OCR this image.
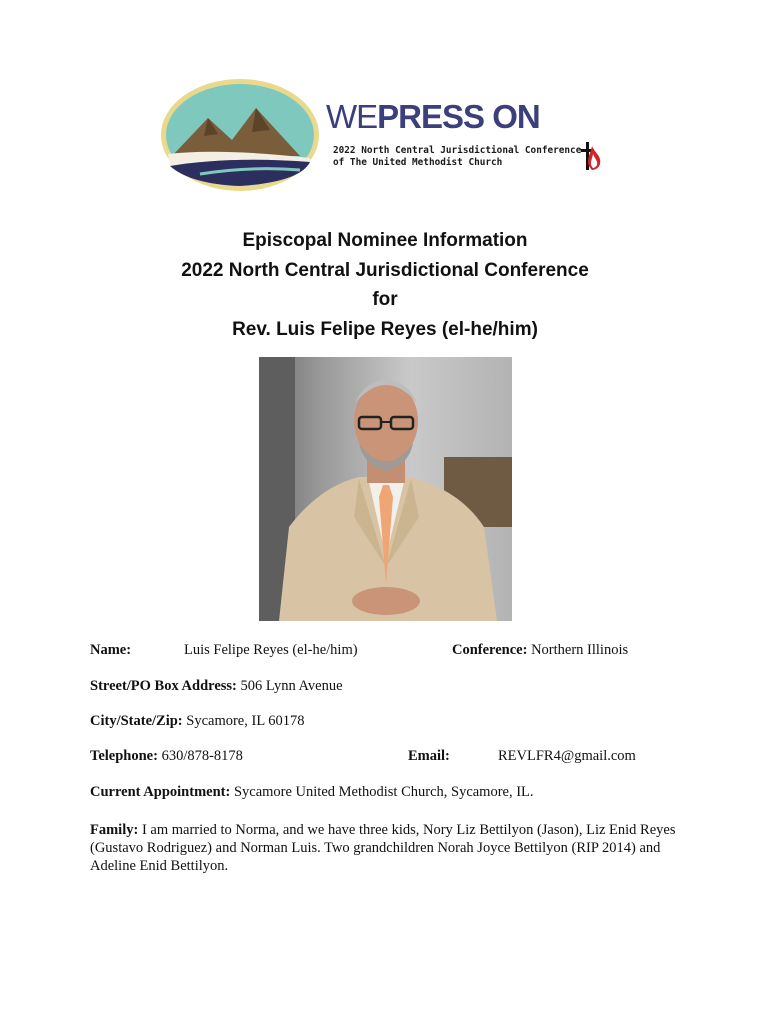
WEPRESS ON
2022 North Central Jurisdictional Conference
of The United Methodist Church
Episcopal Nominee Information
2022 North Central Jurisdictional Conference
for
Rev. Luis Felipe Reyes (el-he/him)
Name:	Luis Felipe Reyes (el-he/him)	Conference: Northern Illinois
Street/PO Box Address: 506 Lynn Avenue
City/State/Zip: Sycamore, IL 60178
Telephone: 630/878-8178	Email:	REVLFR4@gmail.com
Current Appointment: Sycamore United Methodist Church, Sycamore, IL.
Family: I am married to Norma, and we have three kids, Nory Liz Bettilyon (Jason), Liz Enid Reyes (Gustavo Rodriguez) and Norman Luis. Two grandchildren Norah Joyce Bettilyon (RIP 2014) and Adeline Enid Bettilyon.
